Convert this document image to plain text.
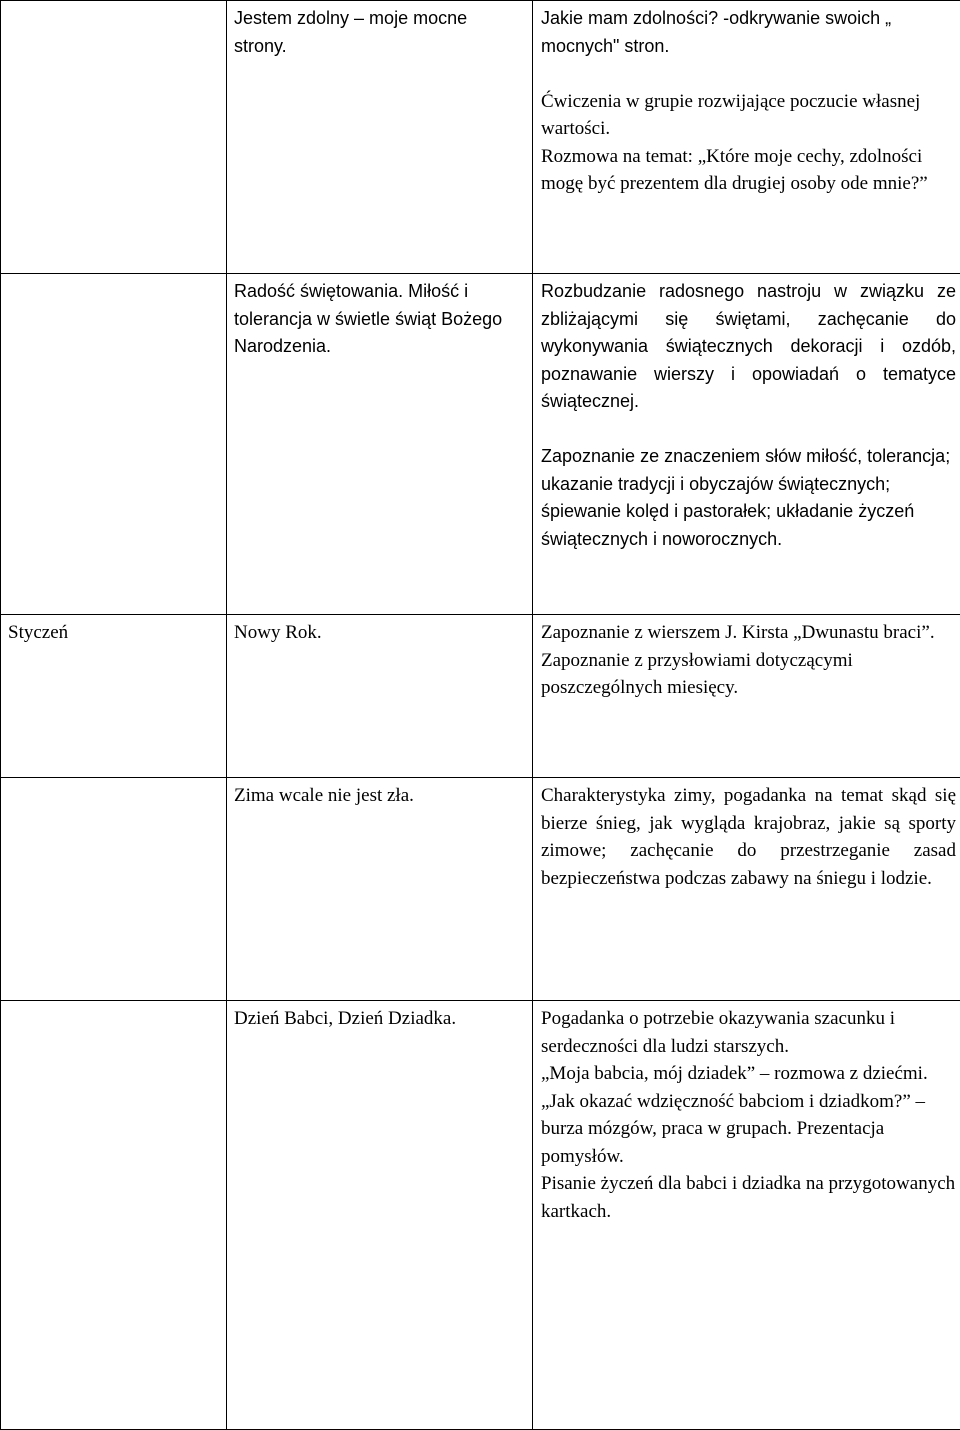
	Jestem zdolny – moje mocne strony.	Jakie mam zdolności? -odkrywanie swoich „ mocnych" stron.

Ćwiczenia w grupie rozwijające poczucie własnej wartości.

Rozmowa na temat: „Które moje cechy, zdolności mogę być prezentem dla drugiej osoby ode mnie?”

	Radość świętowania. Miłość i tolerancja w świetle świąt Bożego Narodzenia.	Rozbudzanie radosnego nastroju w związku ze zbliżającymi się świętami, zachęcanie do wykonywania świątecznych dekoracji i ozdób, poznawanie wierszy i opowiadań o tematyce świątecznej.

Zapoznanie ze znaczeniem słów miłość, tolerancja; ukazanie tradycji i obyczajów świątecznych; śpiewanie kolęd i pastorałek; układanie życzeń świątecznych i noworocznych.

Styczeń	Nowy Rok.	Zapoznanie z wierszem J. Kirsta „Dwunastu braci”.

Zapoznanie z przysłowiami dotyczącymi poszczególnych miesięcy.

	Zima wcale nie jest zła.	Charakterystyka zimy, pogadanka na temat skąd się bierze śnieg, jak wygląda krajobraz, jakie są sporty zimowe; zachęcanie do przestrzeganie zasad bezpieczeństwa podczas zabawy na śniegu i lodzie.

	Dzień Babci, Dzień Dziadka.	Pogadanka o potrzebie okazywania szacunku i serdeczności dla ludzi starszych.

„Moja babcia, mój dziadek” – rozmowa z dziećmi.

„Jak okazać wdzięczność babciom i dziadkom?” – burza mózgów, praca w grupach. Prezentacja pomysłów.

Pisanie życzeń dla babci i dziadka na przygotowanych kartkach.
